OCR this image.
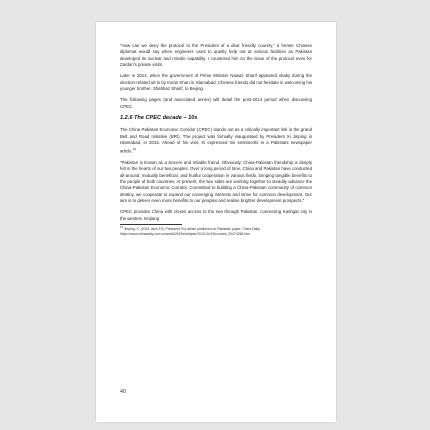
“How can we deny the protocol to the President of a dear friendly country,” a former Chinese diplomat would say when engineers used to quietly help out at various facilities as Pakistan developed its nuclear and missile capability. I countered him on the issue of the protocol even for Zardari’s private visits.

Later in 2014, when the government of Prime Minister Nawaz Sharif appeared shaky during the election-related sit-in by Imran Khan in Islamabad, Chinese friends did not hesitate in welcoming his younger brother, Shahbaz Sharif, to Beijing.

The following pages (and associated annex) will detail the post-2014 period when discussing CPEC.

1.2.6 The CPEC decade – 10s

The China Pakistan Economic Corridor (CPEC) stands out as a critically important link in the grand Belt and Road Initiative (BRI). The project was formally inaugurated by President Xi Jinping in Islamabad, in 2015. Ahead of his visit, Xi expressed his sentiments in a Pakistani newspaper article.$^{19}$

“Pakistan is known as a sincere and reliable friend. Obviously, China-Pakistan friendship is deeply felt in the hearts of our two peoples. Over a long period of time, China and Pakistan have conducted all-around, mutually beneficial, and fruitful cooperation in various fields, bringing tangible benefits to the people of both countries. At present, the two sides are working together to steadily advance the China-Pakistan Economic Corridor. Committed to building a China-Pakistan community of common destiny, we cooperate to expand our converging interests and strive for common development. Our aim is to deliver even more benefits to our peoples and realise brighter development prospects.”

CPEC provides China with closes access to the sea through Pakistan, connecting Kashgar city in the western Xinjiang

$^{19}$ Jinping, X. (2015, April 19). President Xi’s article published on Pakistani paper. China Daily. https://www.chinadaily.com.cn/world/2015xivisitpse/2015-04/19/content_20474266.htm

40
